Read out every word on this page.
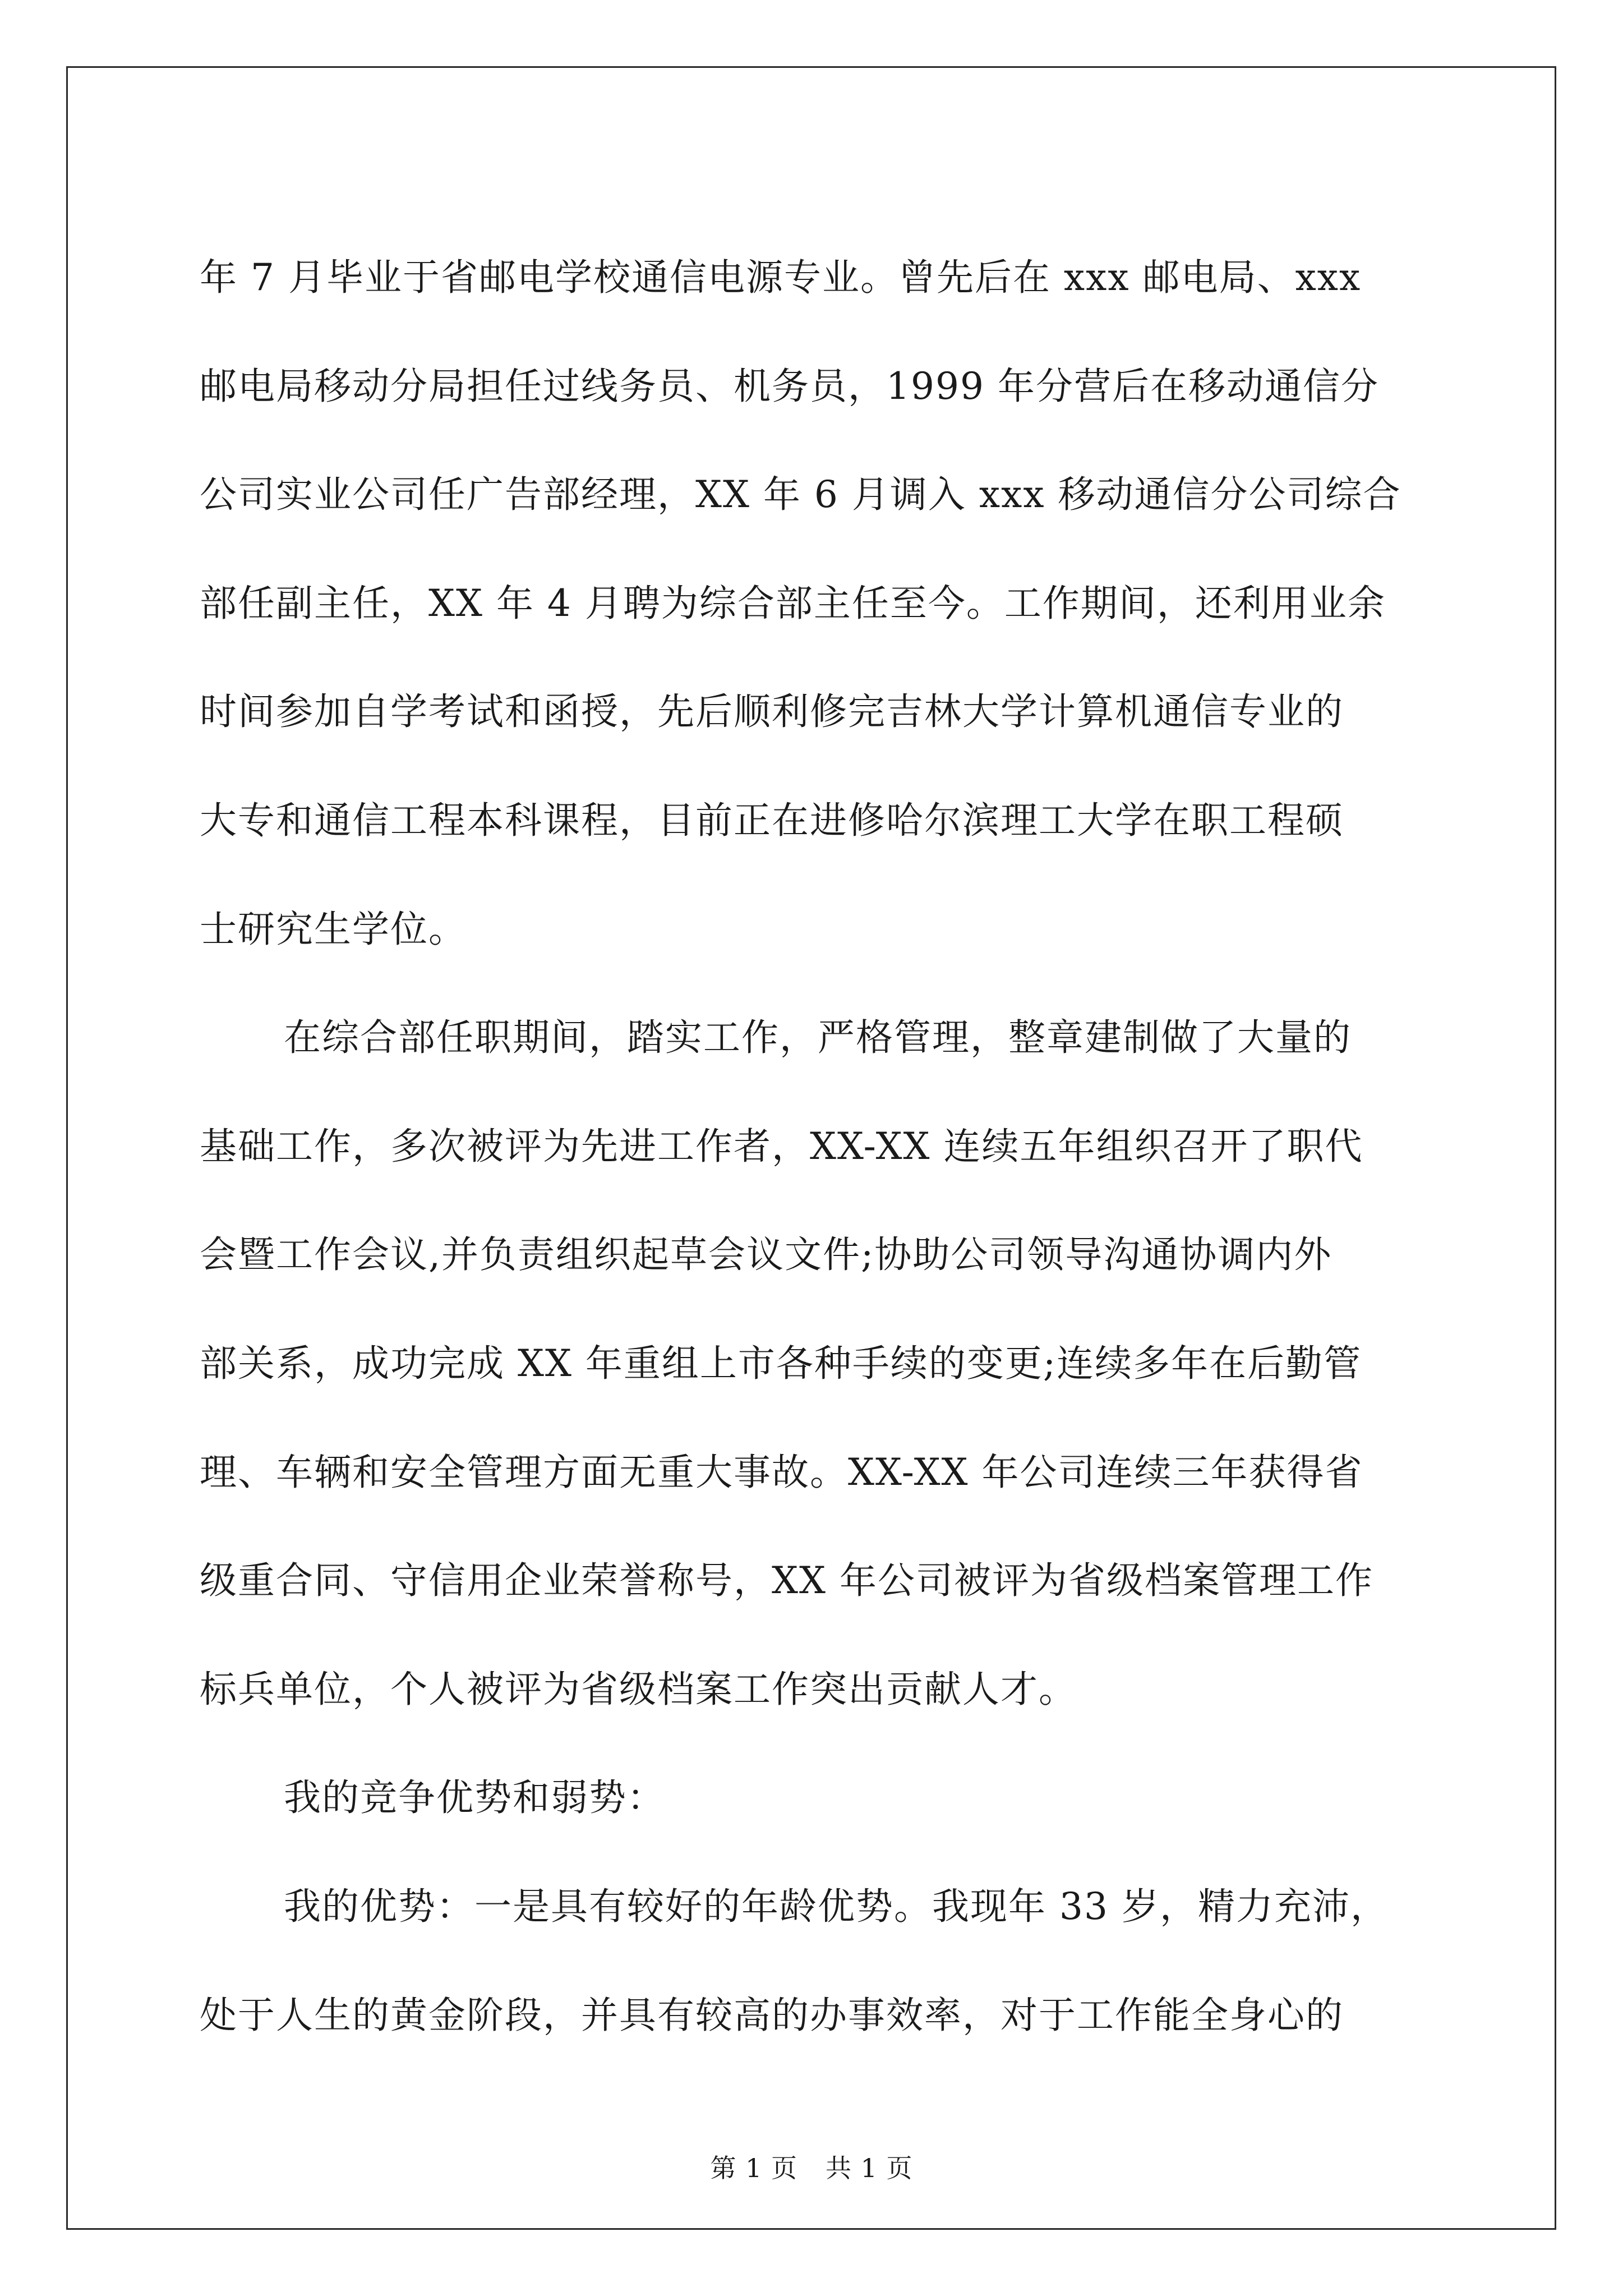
年 7 月毕业于省邮电学校通信电源专业。曾先后在 xxx 邮电局、xxx
邮电局移动分局担任过线务员、机务员，1999 年分营后在移动通信分
公司实业公司任广告部经理，XX 年 6 月调入 xxx 移动通信分公司综合
部任副主任，XX 年 4 月聘为综合部主任至今。工作期间，还利用业余
时间参加自学考试和函授，先后顺利修完吉林大学计算机通信专业的
大专和通信工程本科课程，目前正在进修哈尔滨理工大学在职工程硕
士研究生学位。
在综合部任职期间，踏实工作，严格管理，整章建制做了大量的
基础工作，多次被评为先进工作者，XX-XX 连续五年组织召开了职代
会暨工作会议,并负责组织起草会议文件;协助公司领导沟通协调内外
部关系，成功完成 XX 年重组上市各种手续的变更;连续多年在后勤管
理、车辆和安全管理方面无重大事故。XX-XX 年公司连续三年获得省
级重合同、守信用企业荣誉称号，XX 年公司被评为省级档案管理工作
标兵单位，个人被评为省级档案工作突出贡献人才。
我的竞争优势和弱势：
我的优势：一是具有较好的年龄优势。我现年 33 岁，精力充沛，
处于人生的黄金阶段，并具有较高的办事效率，对于工作能全身心的
第 1 页 共 1 页
